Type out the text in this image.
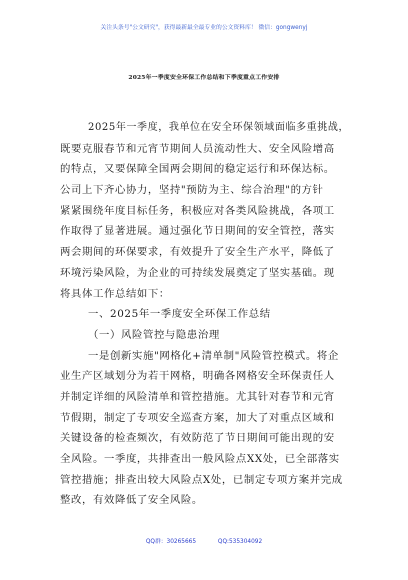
关注头条号"公文研究"，获得最新最全最专业的公文资料库！ 微信：gongwenyj
2025年一季度安全环保工作总结和下季度重点工作安排
2025年一季度，我单位在安全环保领域面临多重挑战，
既要克服春节和元宵节期间人员流动性大、安全风险增高
的特点，又要保障全国两会期间的稳定运行和环保达标。
公司上下齐心协力，坚持"预防为主、综合治理"的方针
紧紧围绕年度目标任务，积极应对各类风险挑战，各项工
作取得了显著进展。通过强化节日期间的安全管控，落实
两会期间的环保要求，有效提升了安全生产水平，降低了
环境污染风险，为企业的可持续发展奠定了坚实基础。现
将具体工作总结如下：
一、2025年一季度安全环保工作总结
（一）风险管控与隐患治理
一是创新实施"网格化+清单制"风险管控模式。将企
业生产区域划分为若干网格，明确各网格安全环保责任人
并制定详细的风险清单和管控措施。尤其针对春节和元宵
节假期，制定了专项安全巡查方案，加大了对重点区域和
关键设备的检查频次，有效防范了节日期间可能出现的安
全风险。一季度，共排查出一般风险点XX处，已全部落实
管控措施；排查出较大风险点X处，已制定专项方案并完成
整改，有效降低了安全风险。
QQ群：30265665	QQ:535304092
